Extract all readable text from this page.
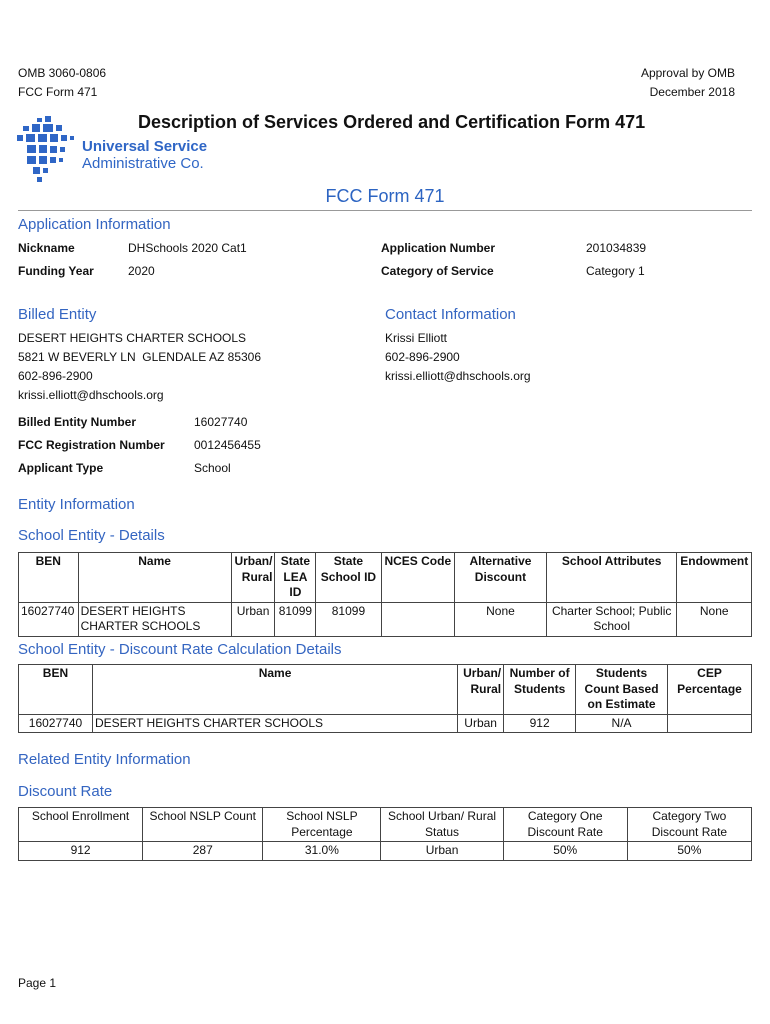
OMB 3060-0806
FCC Form 471
Approval by OMB
December 2018
Description of Services Ordered and Certification Form 471
Universal Service
Administrative Co.
FCC Form 471
Application Information
Nickname	DHSchools 2020 Cat1
Funding Year	2020
Application Number	201034839
Category of Service	Category 1
Billed Entity
DESERT HEIGHTS CHARTER SCHOOLS
5821 W BEVERLY LN  GLENDALE AZ 85306
602-896-2900
krissi.elliott@dhschools.org
Contact Information
Krissi Elliott
602-896-2900
krissi.elliott@dhschools.org
Billed Entity Number	16027740
FCC Registration Number 0012456455
Applicant Type	School
Entity Information
School Entity - Details
BEN	Name	Urban/ Rural	State LEA ID	State School ID	NCES Code	Alternative Discount	School Attributes	Endowment
16027740	DESERT HEIGHTS CHARTER SCHOOLS	Urban	81099	81099		None	Charter School; Public School	None
School Entity - Discount Rate Calculation Details
BEN	Name	Urban/ Rural	Number of Students	Students Count Based on Estimate	CEP Percentage
16027740	DESERT HEIGHTS CHARTER SCHOOLS	Urban	912	N/A	
Related Entity Information
Discount Rate
School Enrollment	School NSLP Count	School NSLP Percentage	School Urban/ Rural Status	Category One Discount Rate	Category Two Discount Rate
912	287	31.0%	Urban	50%	50%
Page 1
